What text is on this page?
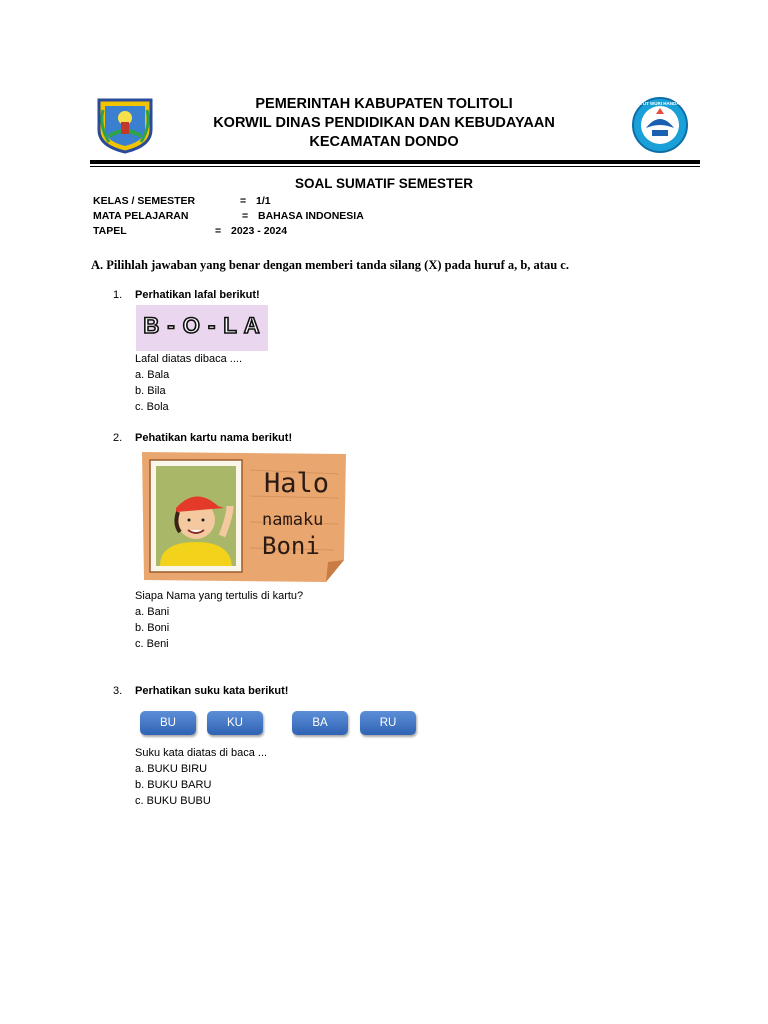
PEMERINTAH KABUPATEN TOLITOLI
KORWIL DINAS PENDIDIKAN DAN KEBUDAYAAN
KECAMATAN DONDO
TUT WURI HANDAYANI
SOAL SUMATIF SEMESTER
KELAS / SEMESTER	= 1/1
MATA PELAJARAN	= BAHASA INDONESIA
TAPEL	= 2023 - 2024
A. Pilihlah jawaban yang benar dengan memberi tanda silang (X) pada huruf a, b, atau c.
1. Perhatikan lafal berikut!
B - O - L A
Lafal diatas dibaca ....
a. Bala
b. Bila
c. Bola
2. Pehatikan kartu nama berikut!
Halo
namaku
Boni
Siapa Nama yang tertulis di kartu?
a. Bani
b. Boni
c. Beni
3. Perhatikan suku kata berikut!
BU	KU	BA	RU
Suku kata diatas di baca ...
a. BUKU BIRU
b. BUKU BARU
c. BUKU BUBU
